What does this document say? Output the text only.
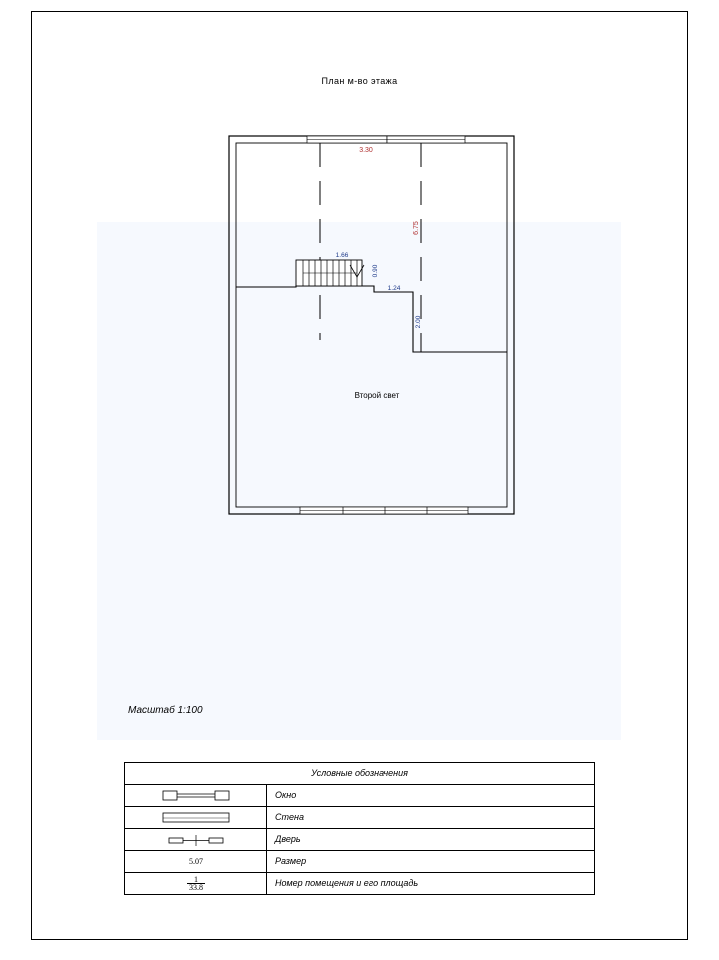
План м-во этажа
3.30
6.75
1.66
0.90
1.24
2.00
Второй свет
Масштаб 1:100
Условные обозначения
Окно
Стена
Дверь
5.07	Размер
1
33.8	Номер помещения и его площадь
